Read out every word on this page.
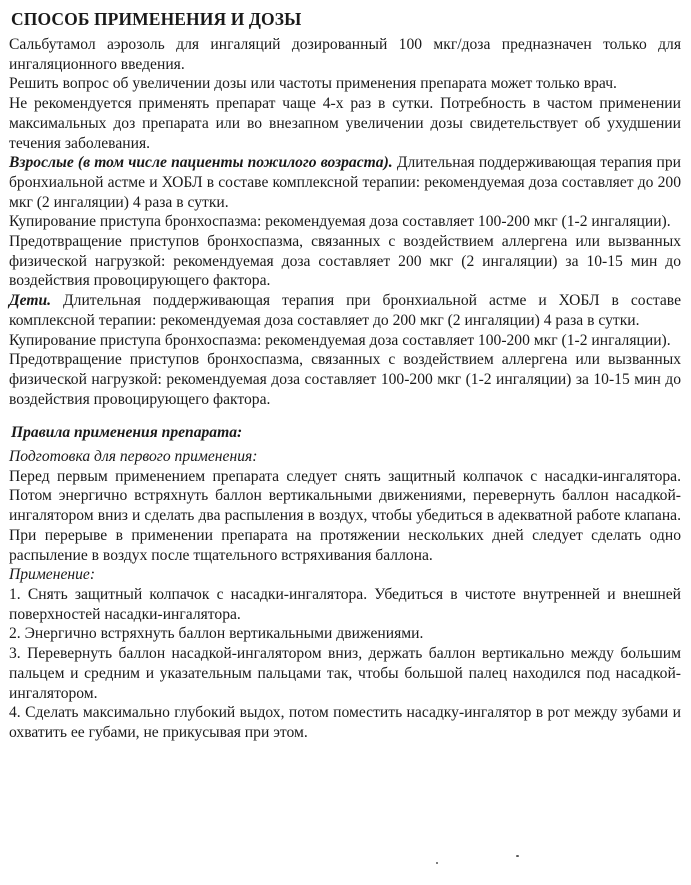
СПОСОБ ПРИМЕНЕНИЯ И ДОЗЫ

Сальбутамол аэрозоль для ингаляций дозированный 100 мкг/доза предназначен только для ингаляционного введения.

Решить вопрос об увеличении дозы или частоты применения препарата может только врач.

Не рекомендуется применять препарат чаще 4-х раз в сутки. Потребность в частом применении максимальных доз препарата или во внезапном увеличении дозы свидетельствует об ухудшении течения заболевания.

Взрослые (в том числе пациенты пожилого возраста). Длительная поддерживающая терапия при бронхиальной астме и ХОБЛ в составе комплексной терапии: рекомендуемая доза составляет до 200 мкг (2 ингаляции) 4 раза в сутки.

Купирование приступа бронхоспазма: рекомендуемая доза составляет 100-200 мкг (1-2 ингаляции).

Предотвращение приступов бронхоспазма, связанных с воздействием аллергена или вызванных физической нагрузкой: рекомендуемая доза составляет 200 мкг (2 ингаляции) за 10-15 мин до воздействия провоцирующего фактора.

Дети. Длительная поддерживающая терапия при бронхиальной астме и ХОБЛ в составе комплексной терапии: рекомендуемая доза составляет до 200 мкг (2 ингаляции) 4 раза в сутки.

Купирование приступа бронхоспазма: рекомендуемая доза составляет 100-200 мкг (1-2 ингаляции).

Предотвращение приступов бронхоспазма, связанных с воздействием аллергена или вызванных физической нагрузкой: рекомендуемая доза составляет 100-200 мкг (1-2 ингаляции) за 10-15 мин до воздействия провоцирующего фактора.

Правила применения препарата:

Подготовка для первого применения:

Перед первым применением препарата следует снять защитный колпачок с насадки-ингалятора. Потом энергично встряхнуть баллон вертикальными движениями, перевернуть баллон насадкой-ингалятором вниз и сделать два распыления в воздух, чтобы убедиться в адекватной работе клапана. При перерыве в применении препарата на протяжении нескольких дней следует сделать одно распыление в воздух после тщательного встряхивания баллона.

Применение:

1. Снять защитный колпачок с насадки-ингалятора. Убедиться в чистоте внутренней и внешней поверхностей насадки-ингалятора.

2. Энергично встряхнуть баллон вертикальными движениями.

3. Перевернуть баллон насадкой-ингалятором вниз, держать баллон вертикально между большим пальцем и средним и указательным пальцами так, чтобы большой палец находился под насадкой-ингалятором.

4. Сделать максимально глубокий выдох, потом поместить насадку-ингалятор в рот между зубами и охватить ее губами, не прикусывая при этом.
